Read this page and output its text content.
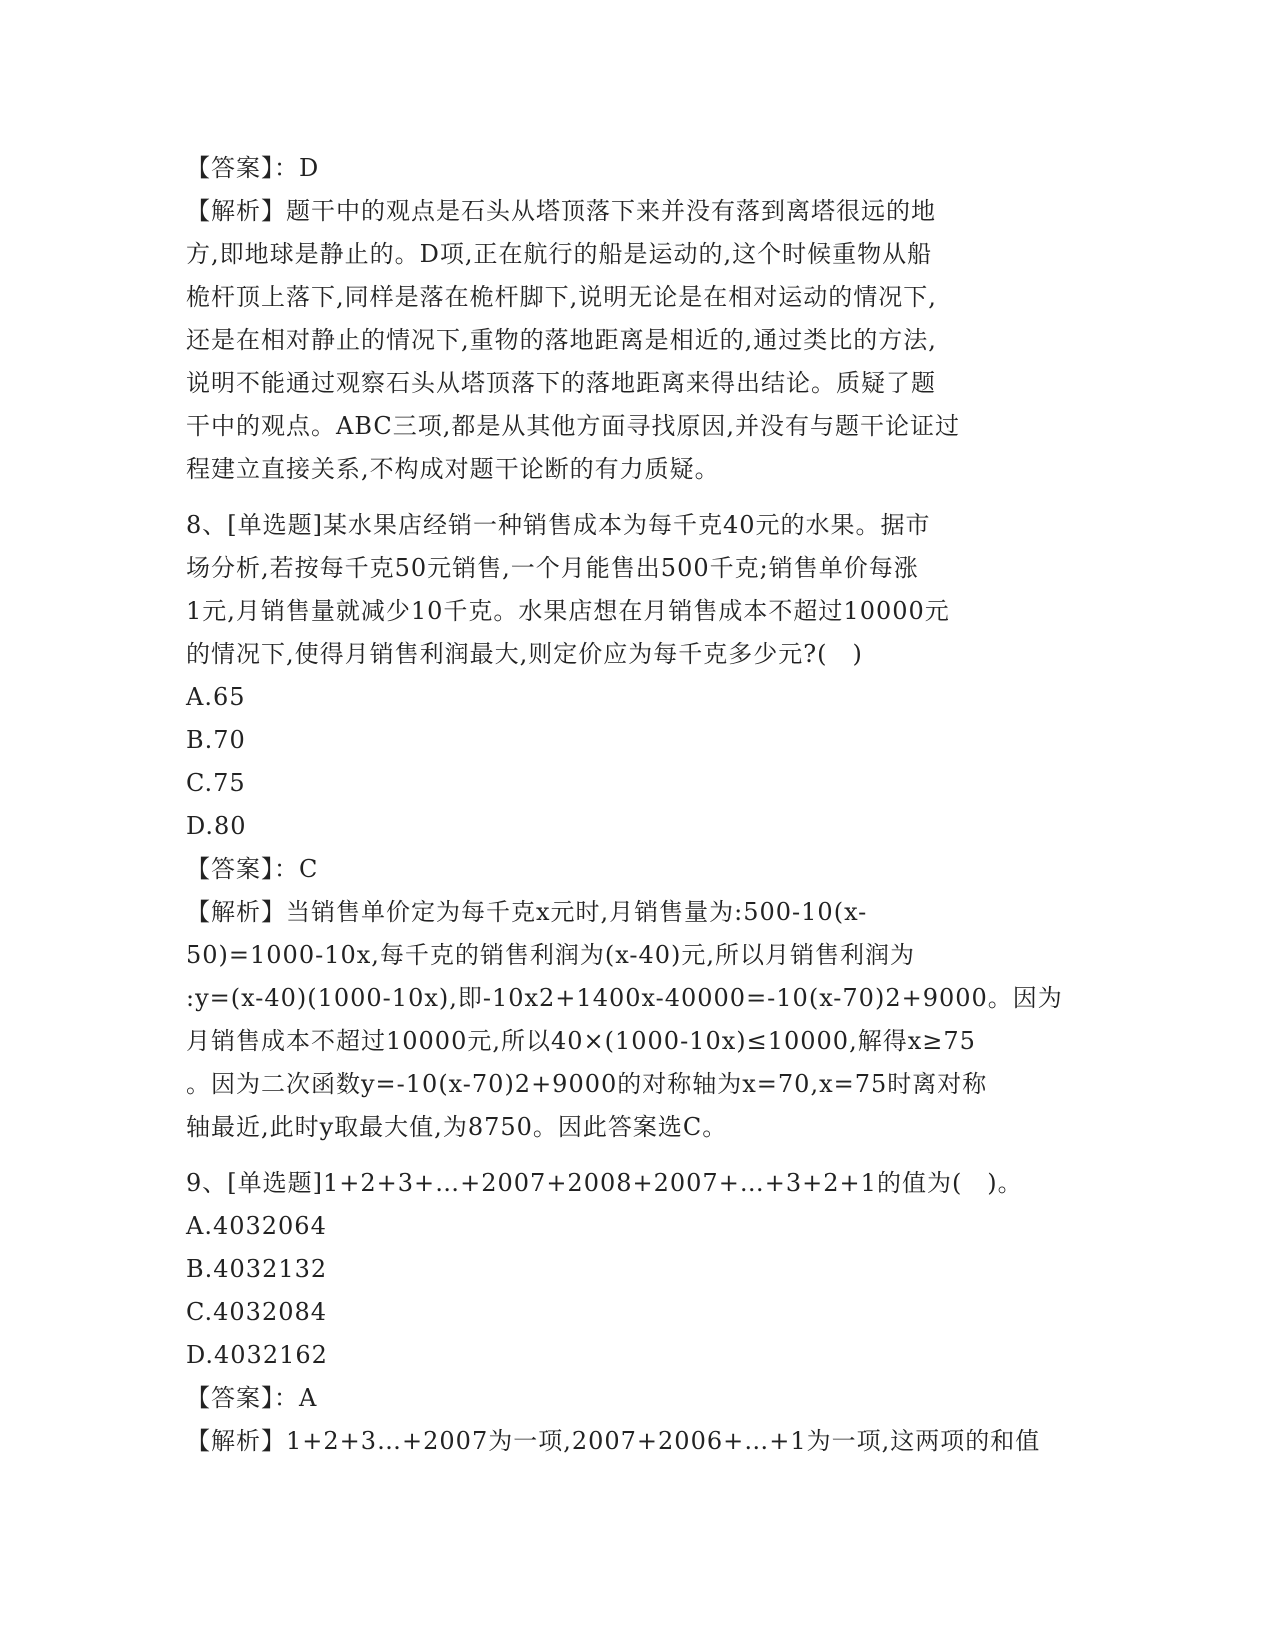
【答案】：D
【解析】题干中的观点是石头从塔顶落下来并没有落到离塔很远的地
方,即地球是静止的。D项,正在航行的船是运动的,这个时候重物从船
桅杆顶上落下,同样是落在桅杆脚下,说明无论是在相对运动的情况下,
还是在相对静止的情况下,重物的落地距离是相近的,通过类比的方法,
说明不能通过观察石头从塔顶落下的落地距离来得出结论。质疑了题
干中的观点。ABC三项,都是从其他方面寻找原因,并没有与题干论证过
程建立直接关系,不构成对题干论断的有力质疑。
8、[单选题]某水果店经销一种销售成本为每千克40元的水果。据市
场分析,若按每千克50元销售,一个月能售出500千克;销售单价每涨
1元,月销售量就减少10千克。水果店想在月销售成本不超过10000元
的情况下,使得月销售利润最大,则定价应为每千克多少元?(　)
A.65
B.70
C.75
D.80
【答案】：C
【解析】当销售单价定为每千克x元时,月销售量为:500-10(x-
50)=1000-10x,每千克的销售利润为(x-40)元,所以月销售利润为
:y=(x-40)(1000-10x),即-10x2+1400x-40000=-10(x-70)2+9000。因为
月销售成本不超过10000元,所以40×(1000-10x)≤10000,解得x≥75
。因为二次函数y=-10(x-70)2+9000的对称轴为x=70,x=75时离对称
轴最近,此时y取最大值,为8750。因此答案选C。
9、[单选题]1+2+3+…+2007+2008+2007+…+3+2+1的值为(　)。
A.4032064
B.4032132
C.4032084
D.4032162
【答案】：A
【解析】1+2+3…+2007为一项,2007+2006+…+1为一项,这两项的和值
